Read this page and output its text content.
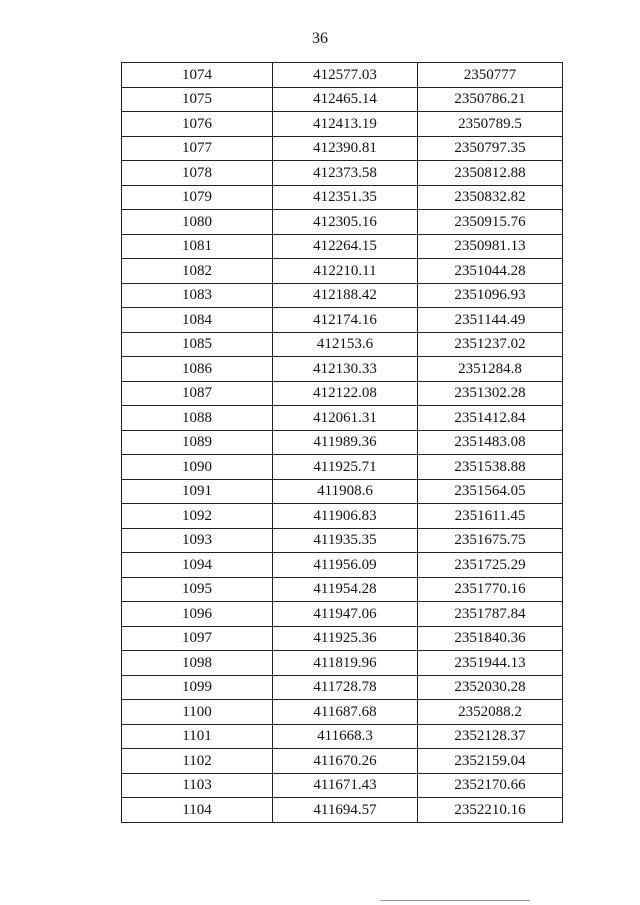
36
1074	412577.03	2350777
1075	412465.14	2350786.21
1076	412413.19	2350789.5
1077	412390.81	2350797.35
1078	412373.58	2350812.88
1079	412351.35	2350832.82
1080	412305.16	2350915.76
1081	412264.15	2350981.13
1082	412210.11	2351044.28
1083	412188.42	2351096.93
1084	412174.16	2351144.49
1085	412153.6	2351237.02
1086	412130.33	2351284.8
1087	412122.08	2351302.28
1088	412061.31	2351412.84
1089	411989.36	2351483.08
1090	411925.71	2351538.88
1091	411908.6	2351564.05
1092	411906.83	2351611.45
1093	411935.35	2351675.75
1094	411956.09	2351725.29
1095	411954.28	2351770.16
1096	411947.06	2351787.84
1097	411925.36	2351840.36
1098	411819.96	2351944.13
1099	411728.78	2352030.28
1100	411687.68	2352088.2
1101	411668.3	2352128.37
1102	411670.26	2352159.04
1103	411671.43	2352170.66
1104	411694.57	2352210.16
